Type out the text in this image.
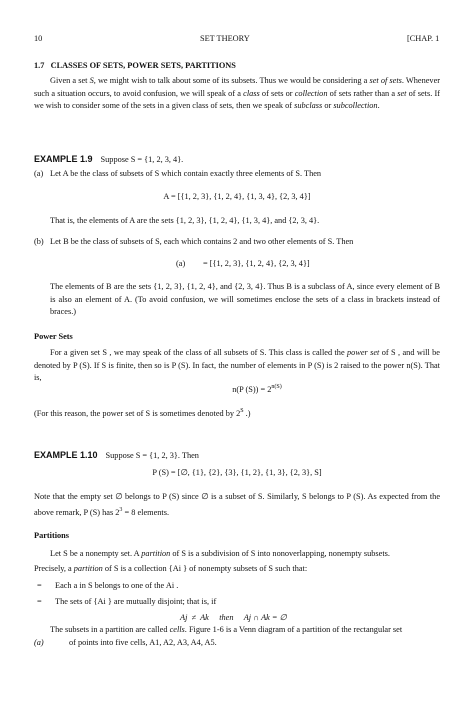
10	SET THEORY	[CHAP. 1
1.7 CLASSES OF SETS, POWER SETS, PARTITIONS
Given a set S, we might wish to talk about some of its subsets. Thus we would be considering a set of sets. Whenever such a situation occurs, to avoid confusion, we will speak of a class of sets or collection of sets rather than a set of sets. If we wish to consider some of the sets in a given class of sets, then we speak of subclass or subcollection.
EXAMPLE 1.9 Suppose S = {1, 2, 3, 4}.
(a) Let A be the class of subsets of S which contain exactly three elements of S. Then
A = [{1, 2, 3}, {1, 2, 4}, {1, 3, 4}, {2, 3, 4}]
That is, the elements of A are the sets {1, 2, 3}, {1, 2, 4}, {1, 3, 4}, and {2, 3, 4}.
(b) Let B be the class of subsets of S, each which contains 2 and two other elements of S. Then
(a) = [{1, 2, 3}, {1, 2, 4}, {2, 3, 4}]
The elements of B are the sets {1, 2, 3}, {1, 2, 4}, and {2, 3, 4}. Thus B is a subclass of A, since every element of B is also an element of A. (To avoid confusion, we will sometimes enclose the sets of a class in brackets instead of braces.)
Power Sets
For a given set S , we may speak of the class of all subsets of S. This class is called the power set of S , and will be denoted by P (S). If S is finite, then so is P (S). In fact, the number of elements in P (S) is 2 raised to the power n(S). That is,
n(P $(S)) = 2^{n(S)}$
(For this reason, the power set of S is sometimes denoted by $2^S$ .)
EXAMPLE 1.10 Suppose S = {1, 2, 3}. Then
P (S) = [∅, {1}, {2}, {3}, {1, 2}, {1, 3}, {2, 3}, S]
Note that the empty set ∅ belongs to P (S) since ∅ is a subset of S. Similarly, S belongs to P (S). As expected from the above remark, P (S) has $2^3 = 8$ elements.
Partitions
Let S be a nonempty set. A partition of S is a subdivision of S into nonoverlapping, nonempty subsets.
Precisely, a partition of S is a collection {Ai } of nonempty subsets of S such that:
= Each a in S belongs to one of the Ai .
= The sets of {Ai } are mutually disjoint; that is, if
Aj  ≠  Ak     then     Aj ∩ Ak = ∅
The subsets in a partition are called cells. Figure 1-6 is a Venn diagram of a partition of the rectangular set
(a)	of points into five cells, A1, A2, A3, A4, A5.
